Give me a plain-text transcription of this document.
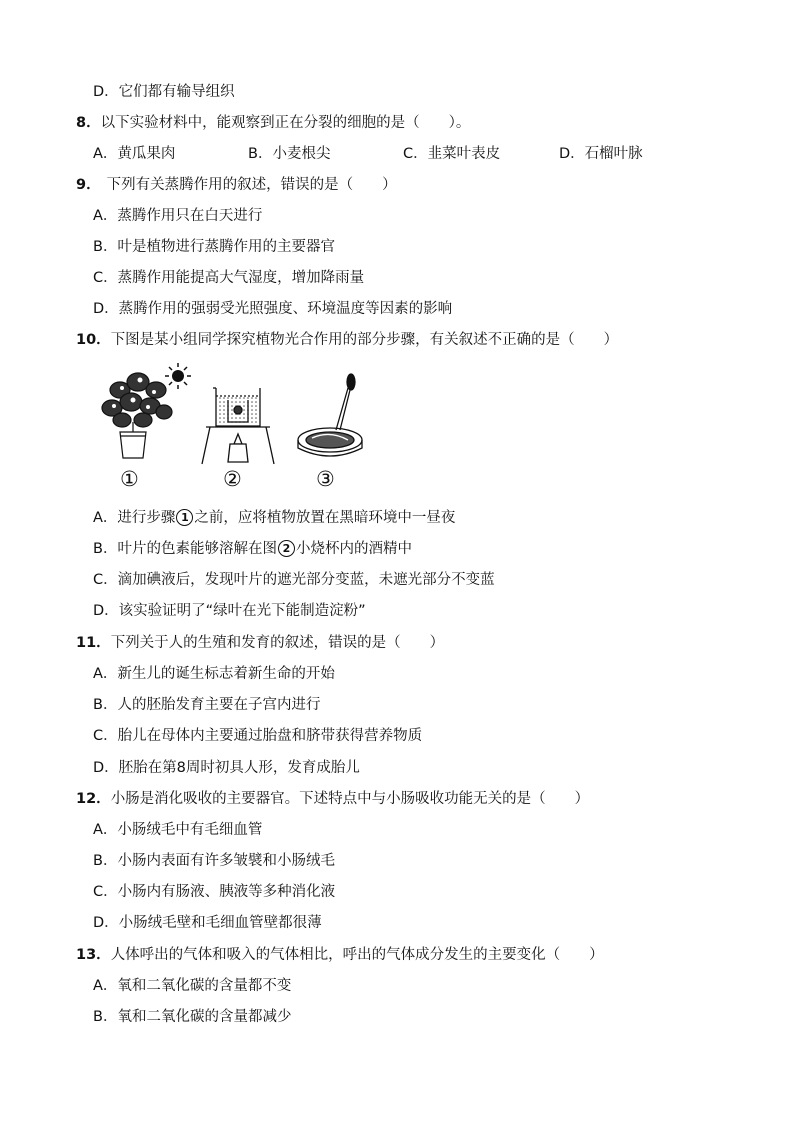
D．它们都有输导组织
8．以下实验材料中，能观察到正在分裂的细胞的是（　　）。
A．黄瓜果肉	B．小麦根尖	C．韭菜叶表皮	D．石榴叶脉
9． 下列有关蒸腾作用的叙述，错误的是（　　）
A．蒸腾作用只在白天进行
B．叶是植物进行蒸腾作用的主要器官
C．蒸腾作用能提高大气湿度，增加降雨量
D．蒸腾作用的强弱受光照强度、环境温度等因素的影响
10．下图是某小组同学探究植物光合作用的部分步骤，有关叙述不正确的是（　　）
①	②	③
A．进行步骤 1 之前，应将植物放置在黑暗环境中一昼夜
B．叶片的色素能够溶解在图 2 小烧杯内的酒精中
C．滴加碘液后，发现叶片的遮光部分变蓝，未遮光部分不变蓝
D．该实验证明了“绿叶在光下能制造淀粉”
11．下列关于人的生殖和发育的叙述，错误的是（　　）
A．新生儿的诞生标志着新生命的开始
B．人的胚胎发育主要在子宫内进行
C．胎儿在母体内主要通过胎盘和脐带获得营养物质
D．胚胎在第8周时初具人形，发育成胎儿
12．小肠是消化吸收的主要器官。下述特点中与小肠吸收功能无关的是（　　）
A．小肠绒毛中有毛细血管
B．小肠内表面有许多皱襞和小肠绒毛
C．小肠内有肠液、胰液等多种消化液
D．小肠绒毛壁和毛细血管壁都很薄
13．人体呼出的气体和吸入的气体相比，呼出的气体成分发生的主要变化（　　）
A．氧和二氧化碳的含量都不变
B．氧和二氧化碳的含量都减少
